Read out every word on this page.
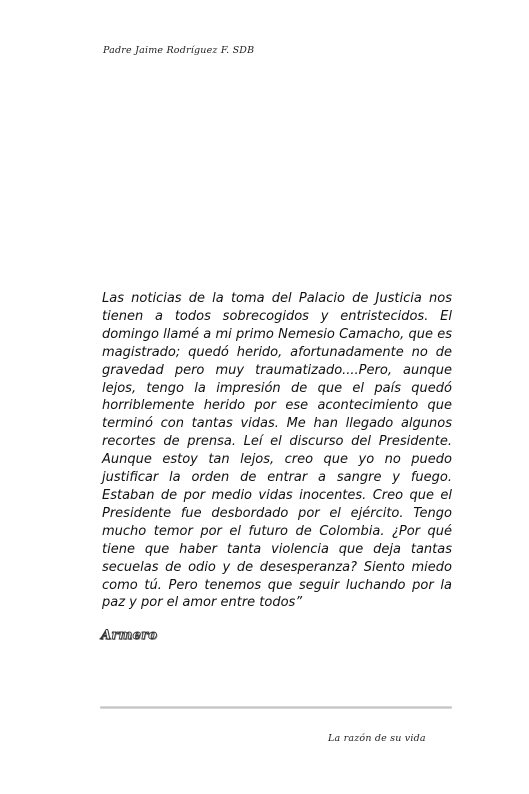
Padre Jaime Rodríguez F. SDB

Las noticias de la toma del Palacio de Justicia nos tienen a todos sobrecogidos y entristecidos. El domingo llamé a mi primo Nemesio Camacho, que es magistrado; quedó herido, afortunadamente no de gravedad pero muy traumatizado....Pero, aunque lejos, tengo la impresión de que el país quedó horriblemente herido por ese acontecimiento que terminó con tantas vidas. Me han llegado algunos recortes de prensa. Leí el discurso del Presidente. Aunque estoy tan lejos, creo que yo no puedo justificar la orden de entrar a sangre y fuego. Estaban de por medio vidas inocentes. Creo que el Presidente fue desbordado por el ejército. Tengo mucho temor por el futuro de Colombia. ¿Por qué tiene que haber tanta violencia que deja tantas secuelas de odio y de desesperanza? Siento miedo como tú. Pero tenemos que seguir luchando por la paz y por el amor entre todos”

Armero
La razón de su vida
